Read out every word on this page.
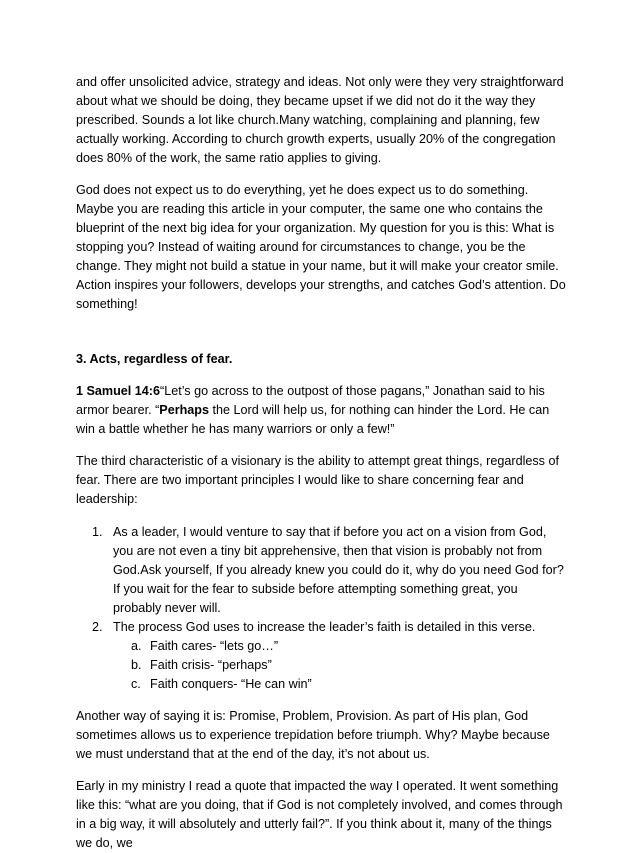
and offer unsolicited advice, strategy and ideas. Not only were they very straightforward about what we should be doing, they became upset if we did not do it the way they prescribed. Sounds a lot like church.Many watching, complaining and planning, few actually working. According to church growth experts, usually 20% of the congregation does 80% of the work, the same ratio applies to giving.

God does not expect us to do everything, yet he does expect us to do something. Maybe you are reading this article in your computer, the same one who contains the blueprint of the next big idea for your organization. My question for you is this: What is stopping you? Instead of waiting around for circumstances to change, you be the change. They might not build a statue in your name, but it will make your creator smile. Action inspires your followers, develops your strengths, and catches God’s attention. Do something!

3. Acts, regardless of fear.

1 Samuel 14:6“Let’s go across to the outpost of those pagans,” Jonathan said to his armor bearer. “Perhaps the Lord will help us, for nothing can hinder the Lord. He can win a battle whether he has many warriors or only a few!”

The third characteristic of a visionary is the ability to attempt great things, regardless of fear. There are two important principles I would like to share concerning fear and leadership:

1. As a leader, I would venture to say that if before you act on a vision from God, you are not even a tiny bit apprehensive, then that vision is probably not from God.Ask yourself, If you already knew you could do it, why do you need God for? If you wait for the fear to subside before attempting something great, you probably never will.
2. The process God uses to increase the leader’s faith is detailed in this verse.
a. Faith cares- “lets go…”
b. Faith crisis- “perhaps”
c. Faith conquers- “He can win”

Another way of saying it is: Promise, Problem, Provision. As part of His plan, God sometimes allows us to experience trepidation before triumph. Why? Maybe because we must understand that at the end of the day, it’s not about us.

Early in my ministry I read a quote that impacted the way I operated. It went something like this: “what are you doing, that if God is not completely involved, and comes through in a big way, it will absolutely and utterly fail?”. If you think about it, many of the things we do, we
